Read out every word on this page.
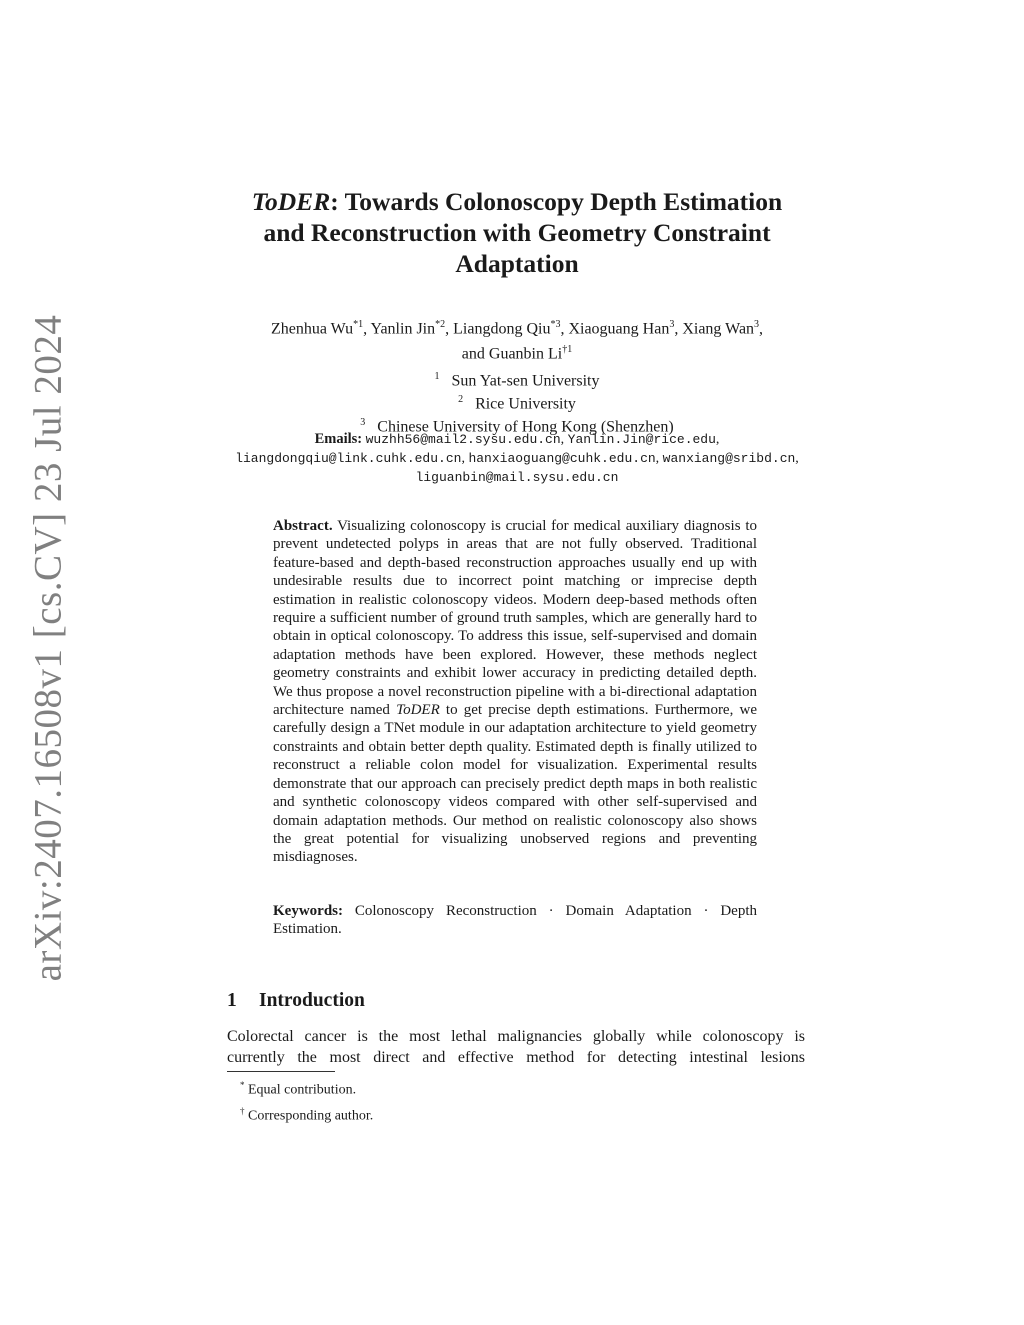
arXiv:2407.16508v1 [cs.CV] 23 Jul 2024
ToDER: Towards Colonoscopy Depth Estimation
and Reconstruction with Geometry Constraint
Adaptation
Zhenhua Wu$^{*1}$, Yanlin Jin$^{*2}$, Liangdong Qiu$^{*3}$, Xiaoguang Han$^3$, Xiang Wan$^3$,
and Guanbin Li$^{\dagger 1}$
$^1$ Sun Yat-sen University
$^2$ Rice University
$^3$ Chinese University of Hong Kong (Shenzhen)
Emails: wuzhh56@mail2.sysu.edu.cn, Yanlin.Jin@rice.edu,
liangdongqiu@link.cuhk.edu.cn, hanxiaoguang@cuhk.edu.cn, wanxiang@sribd.cn,
liguanbin@mail.sysu.edu.cn
Abstract. Visualizing colonoscopy is crucial for medical auxiliary diagnosis to prevent undetected polyps in areas that are not fully observed. Traditional feature-based and depth-based reconstruction approaches usually end up with undesirable results due to incorrect point matching or imprecise depth estimation in realistic colonoscopy videos. Modern deep-based methods often require a sufficient number of ground truth samples, which are generally hard to obtain in optical colonoscopy. To address this issue, self-supervised and domain adaptation methods have been explored. However, these methods neglect geometry constraints and exhibit lower accuracy in predicting detailed depth. We thus propose a novel reconstruction pipeline with a bi-directional adaptation architecture named ToDER to get precise depth estimations. Furthermore, we carefully design a TNet module in our adaptation architecture to yield geometry constraints and obtain better depth quality. Estimated depth is finally utilized to reconstruct a reliable colon model for visualization. Experimental results demonstrate that our approach can precisely predict depth maps in both realistic and synthetic colonoscopy videos compared with other self-supervised and domain adaptation methods. Our method on realistic colonoscopy also shows the great potential for visualizing unobserved regions and preventing misdiagnoses.
Keywords: Colonoscopy Reconstruction · Domain Adaptation · Depth Estimation.
1 Introduction
Colorectal cancer is the most lethal malignancies globally while colonoscopy is
currently the most direct and effective method for detecting intestinal lesions
* Equal contribution.
† Corresponding author.
